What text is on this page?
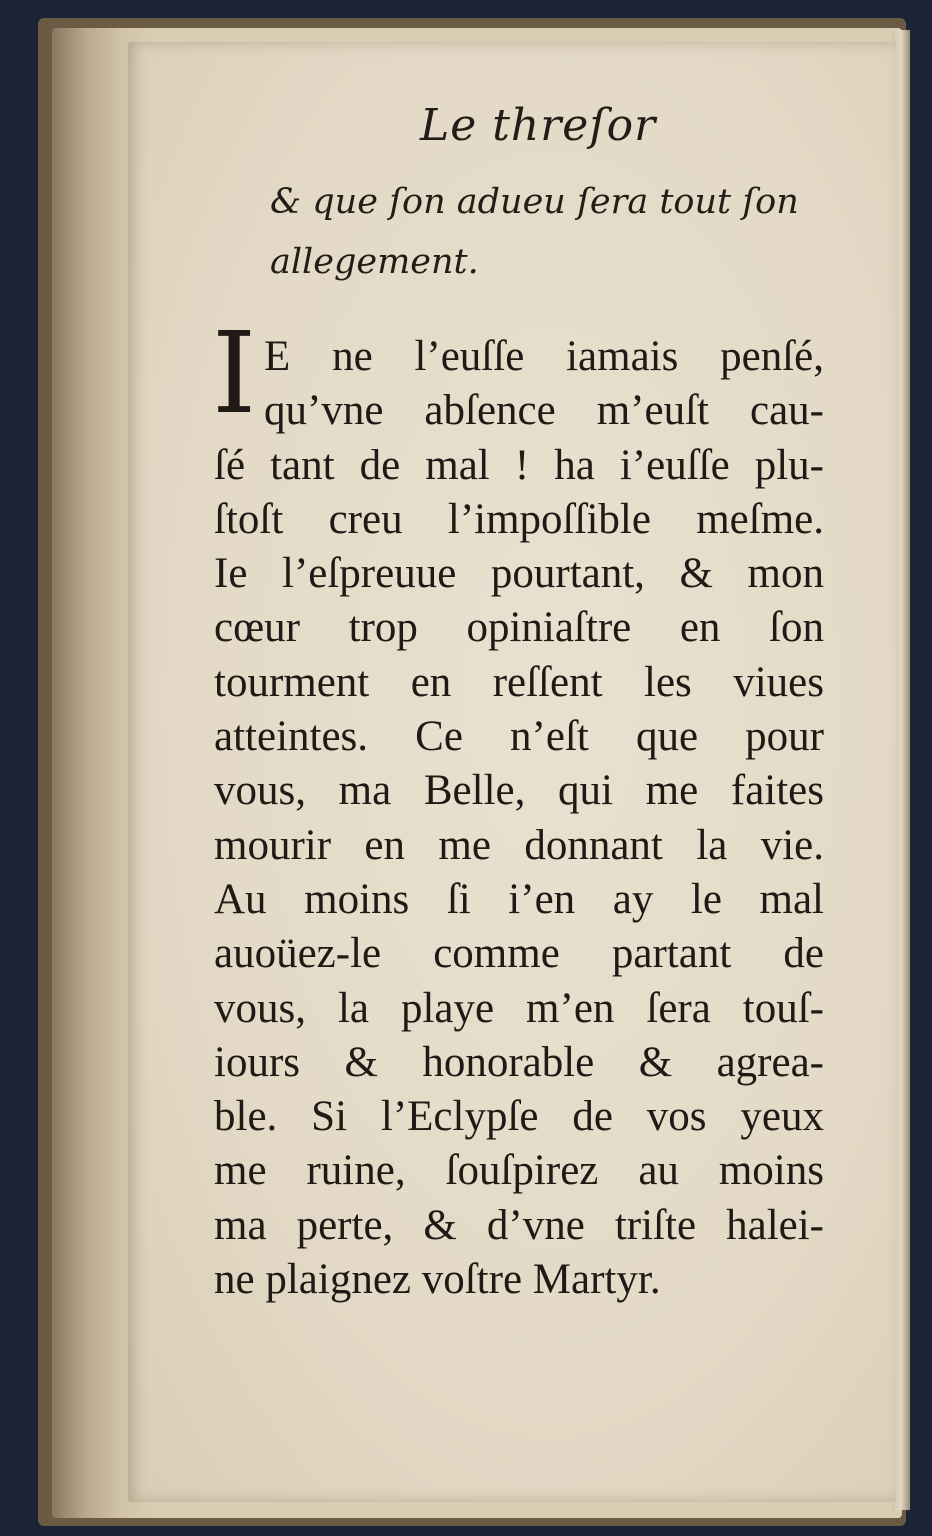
Le threſor
& que ſon adueu ſera tout ſon
allegement.
I E ne l’euſſe iamais penſé,
qu’vne abſence m’euſt cau-
ſé tant de mal ! ha i’euſſe plu-
ſtoſt creu l’impoſſible meſme.
Ie l’eſpreuue pourtant, & mon
cœur trop opiniaſtre en ſon
tourment en reſſent les viues
atteintes. Ce n’eſt que pour
vous, ma Belle, qui me faites
mourir en me donnant la vie.
Au moins ſi i’en ay le mal
auoüez-le comme partant de
vous, la playe m’en ſera touſ-
iours & honorable & agrea-
ble. Si l’Eclypſe de vos yeux
me ruine, ſouſpirez au moins
ma perte, & d’vne triſte halei-
ne plaignez voſtre Martyr.
